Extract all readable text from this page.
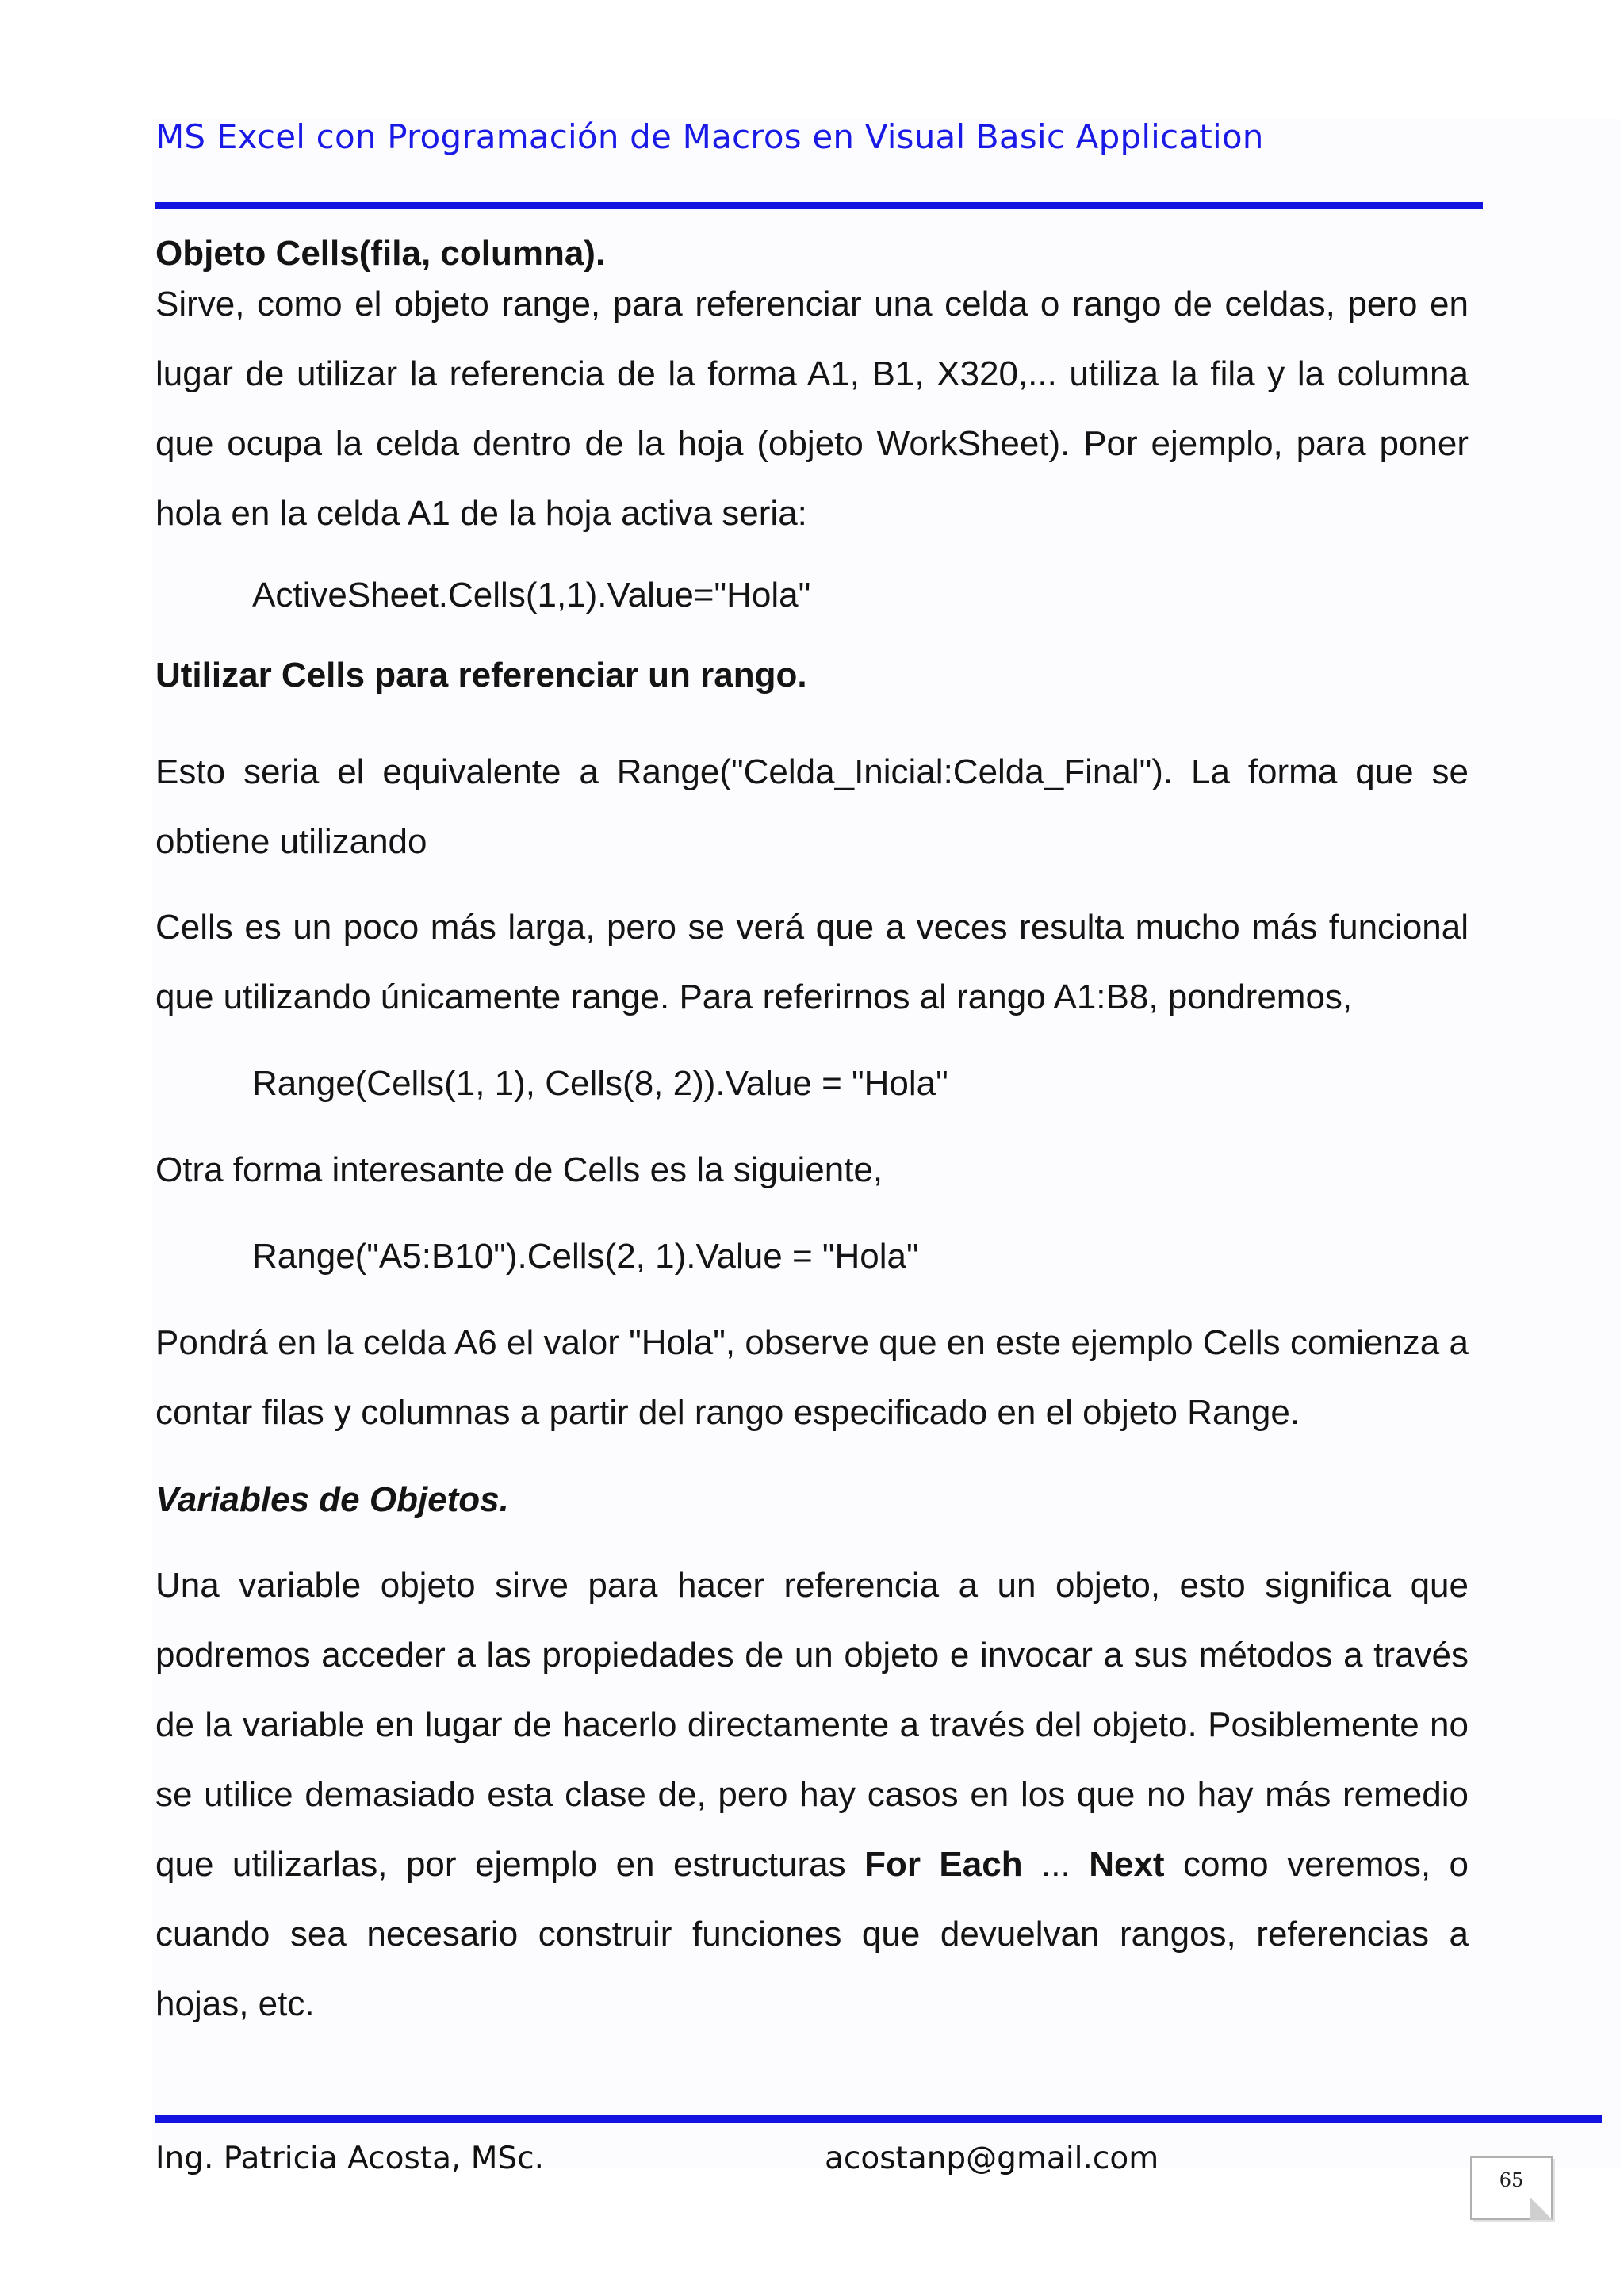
MS Excel con Programación de Macros en Visual Basic Application
Objeto Cells(fila, columna).
Sirve, como el objeto range, para referenciar una celda o rango de celdas, pero en lugar de utilizar la referencia de la forma A1, B1, X320,... utiliza la fila y la columna que ocupa la celda dentro de la hoja (objeto WorkSheet). Por ejemplo, para poner hola en la celda A1 de la hoja activa seria:
ActiveSheet.Cells(1,1).Value="Hola"
Utilizar Cells para referenciar un rango.
Esto seria el equivalente a Range("Celda_Inicial:Celda_Final"). La forma que se obtiene utilizando
Cells es un poco más larga, pero se verá que a veces resulta mucho más funcional que utilizando únicamente range. Para referirnos al rango A1:B8, pondremos,
Range(Cells(1, 1), Cells(8, 2)).Value = "Hola"
Otra forma interesante de Cells es la siguiente,
Range("A5:B10").Cells(2, 1).Value = "Hola"
Pondrá en la celda A6 el valor "Hola", observe que en este ejemplo Cells comienza a contar filas y columnas a partir del rango especificado en el objeto Range.
Variables de Objetos.
Una variable objeto sirve para hacer referencia a un objeto, esto significa que podremos acceder a las propiedades de un objeto e invocar a sus métodos a través de la variable en lugar de hacerlo directamente a través del objeto. Posiblemente no se utilice demasiado esta clase de, pero hay casos en los que no hay más remedio que utilizarlas, por ejemplo en estructuras For Each ... Next como veremos, o cuando sea necesario construir funciones que devuelvan rangos, referencias a hojas, etc.
Ing. Patricia Acosta, MSc.	acostanp@gmail.com
65
